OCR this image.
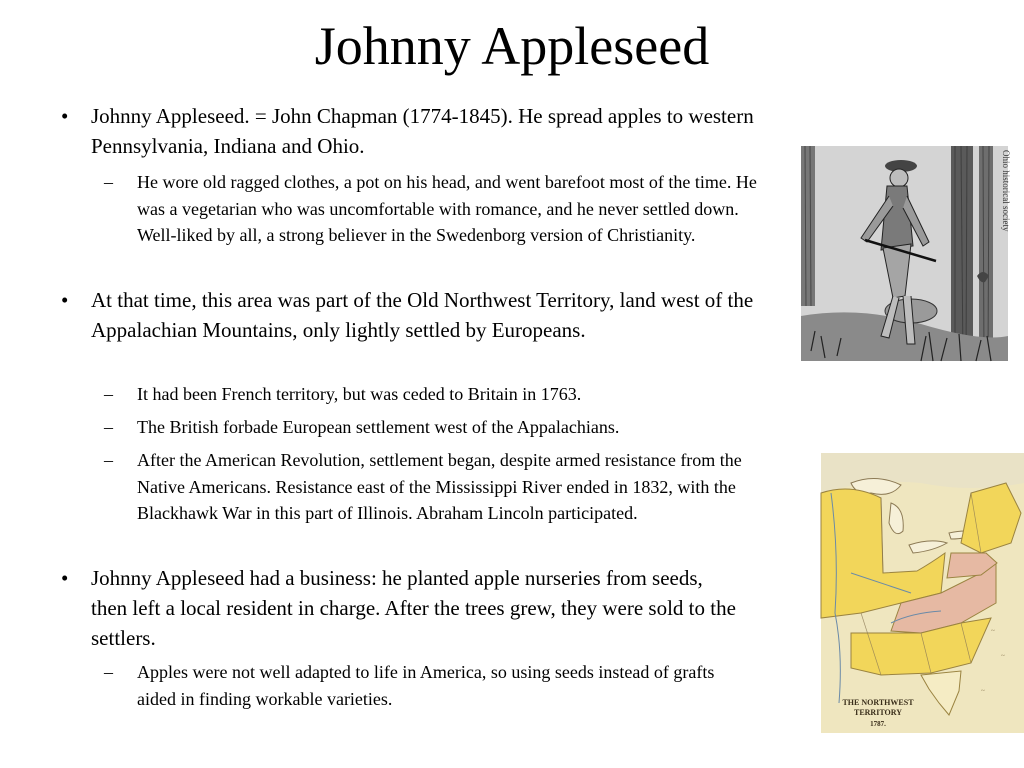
Johnny Appleseed
• Johnny Appleseed. = John Chapman (1774-1845). He spread apples to western Pennsylvania, Indiana and Ohio.
– He wore old ragged clothes, a pot on his head, and went barefoot most of the time. He was a vegetarian who was uncomfortable with romance, and he never settled down. Well-liked by all, a strong believer in the Swedenborg version of Christianity.
• At that time, this area was part of the Old Northwest Territory, land west of the Appalachian Mountains, only lightly settled by Europeans.
– It had been French territory, but was ceded to Britain in 1763.
– The British forbade European settlement west of the Appalachians.
– After the American Revolution, settlement began, despite armed resistance from the Native Americans. Resistance east of the Mississippi River ended in 1832, with the Blackhawk War in this part of Illinois. Abraham Lincoln participated.
• Johnny Appleseed had a business: he planted apple nurseries from seeds, then left a local resident in charge. After the trees grew, they were sold to the settlers.
– Apples were not well adapted to life in America, so using seeds instead of grafts aided in finding workable varieties.
Ohio historical society
~
~
~
THE NORTHWEST
TERRITORY
1787.
